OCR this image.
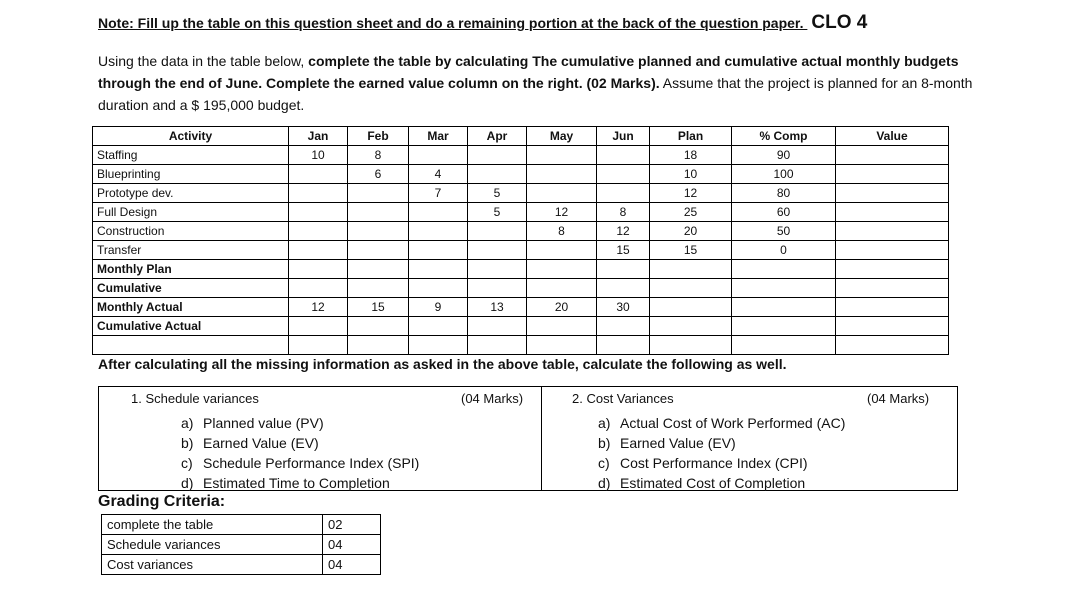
Note: Fill up the table on this question sheet and do a remaining portion at the back of the question paper. CLO 4
Using the data in the table below, complete the table by calculating The cumulative planned and cumulative actual monthly budgets through the end of June. Complete the earned value column on the right. (02 Marks). Assume that the project is planned for an 8-month duration and a $ 195,000 budget.
Activity	Jan	Feb	Mar	Apr	May	Jun	Plan	% Comp	Value
Staffing	10	8					18	90	
Blueprinting		6	4				10	100	
Prototype dev.			7	5			12	80	
Full Design				5	12	8	25	60	
Construction					8	12	20	50	
Transfer						15	15	0	
Monthly Plan									
Cumulative									
Monthly Actual	12	15	9	13	20	30			
Cumulative Actual									

After calculating all the missing information as asked in the above table, calculate the following as well.
1. Schedule variances	(04 Marks)
a) Planned value (PV)
b) Earned Value (EV)
c) Schedule Performance Index (SPI)
d) Estimated Time to Completion
2. Cost Variances	(04 Marks)
a) Actual Cost of Work Performed (AC)
b) Earned Value (EV)
c) Cost Performance Index (CPI)
d) Estimated Cost of Completion
Grading Criteria:
complete the table	02
Schedule variances	04
Cost variances	04
